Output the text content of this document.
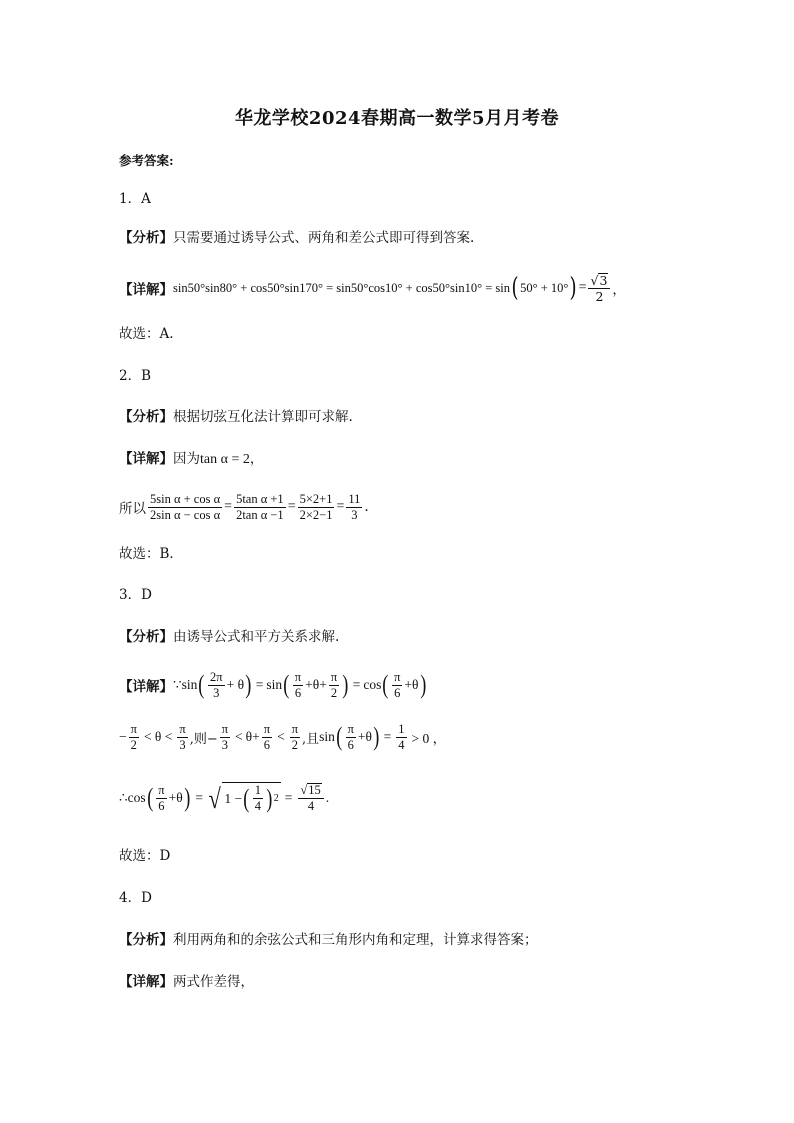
华龙学校2024春期高一数学5月月考卷
参考答案:
1．A
【分析】只需要通过诱导公式、两角和差公式即可得到答案.
【详解】 sin50°sin80° + cos50°sin170° = sin50°cos10° + cos50°sin10° = sin ( 50° + 10° ) = $\frac{√ 3}{2}$ ，
故选：A.
2．B
【分析】根据切弦互化法计算即可求解.
【详解】因为tan α = 2，
所以 $\frac{\text{5sin α + cos α}}{\text{2sin α − cos α}} = \frac{\text{5tan α +1}}{\text{2tan α −1}} = \frac{5\times 2+1}{2\times 2-1} = \frac{11}{3}$ .
故选：B．
3．D
【分析】由诱导公式和平方关系求解.
【详解】 ∵sin ( $\frac{2\pi}{3} + \theta$ ) = sin ( $\frac{\pi}{6} + \theta + \frac{\pi}{2}$ ) = cos ( $\frac{\pi}{6} + \theta$ )
− $\frac{\pi}{2} < \theta < \frac{\pi}{3}$ ,则− $\frac{\pi}{3} < \theta + \frac{\pi}{6} < \frac{\pi}{2}$ ,且 sin ( $\frac{\pi}{6} + \theta$ ) = $\frac{1}{4} > 0$ ，
∴cos ( $\frac{\pi}{6} + \theta$ ) = √ 1 − ( $\frac{1}{4}$ ) $2 = \frac{√ 15}{4}$ .
故选：D
4．D
【分析】利用两角和的余弦公式和三角形内角和定理，计算求得答案；
【详解】两式作差得，
